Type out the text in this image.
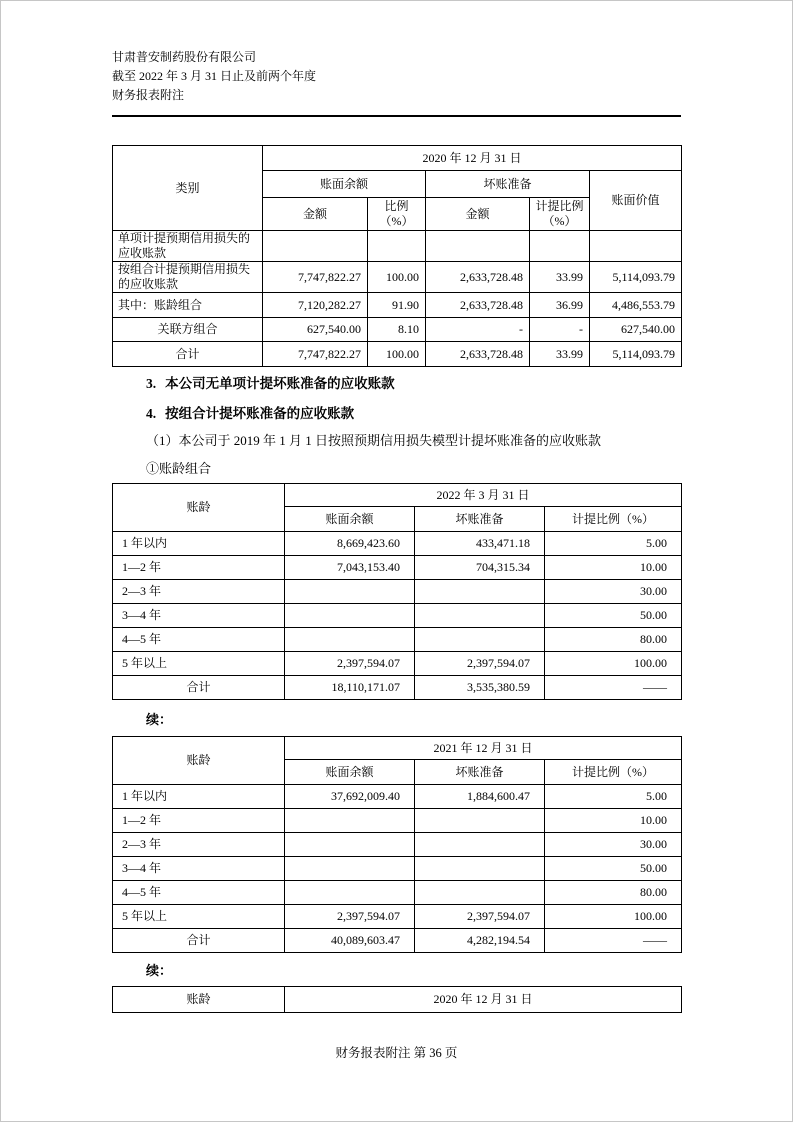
甘肃普安制药股份有限公司
截至 2022 年 3 月 31 日止及前两个年度
财务报表附注
类别	2020 年 12 月 31 日				
	账面余额		坏账准备		账面价值
	金额	比例（%）	金额	计提比例（%）	
单项计提预期信用损失的应收账款					
按组合计提预期信用损失的应收账款	7,747,822.27	100.00	2,633,728.48	33.99	5,114,093.79
其中：账龄组合	7,120,282.27	91.90	2,633,728.48	36.99	4,486,553.79
关联方组合	627,540.00	8.10	-	-	627,540.00
合计	7,747,822.27	100.00	2,633,728.48	33.99	5,114,093.79
3. 本公司无单项计提坏账准备的应收账款
4. 按组合计提坏账准备的应收账款
（1）本公司于 2019 年 1 月 1 日按照预期信用损失模型计提坏账准备的应收账款
①账龄组合
账龄	2022 年 3 月 31 日		
	账面余额	坏账准备	计提比例（%）
1 年以内	8,669,423.60	433,471.18	5.00
1—2 年	7,043,153.40	704,315.34	10.00
2—3 年			30.00
3—4 年			50.00
4—5 年			80.00
5 年以上	2,397,594.07	2,397,594.07	100.00
合计	18,110,171.07	3,535,380.59	——
续：
账龄	2021 年 12 月 31 日		
	账面余额	坏账准备	计提比例（%）
1 年以内	37,692,009.40	1,884,600.47	5.00
1—2 年			10.00
2—3 年			30.00
3—4 年			50.00
4—5 年			80.00
5 年以上	2,397,594.07	2,397,594.07	100.00
合计	40,089,603.47	4,282,194.54	——
续：
账龄	2020 年 12 月 31 日
财务报表附注 第 36 页
